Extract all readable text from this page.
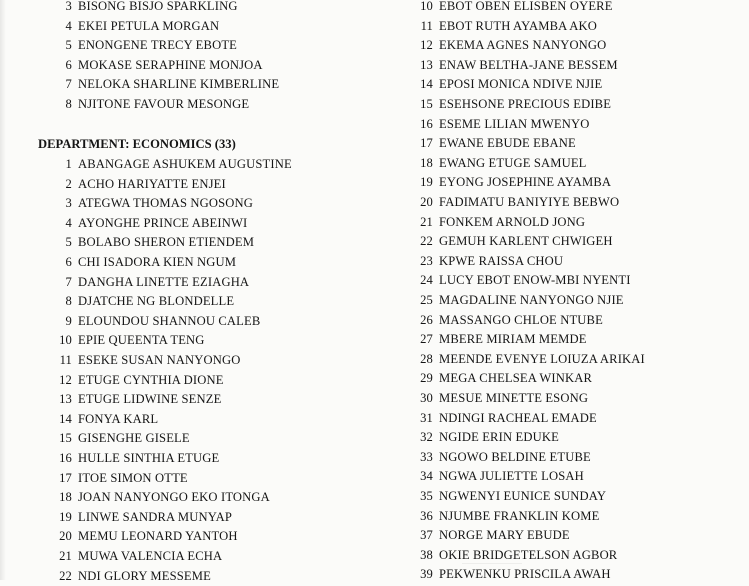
3 BISONG BISJO SPARKLING
4 EKEI PETULA MORGAN
5 ENONGENE TRECY EBOTE
6 MOKASE SERAPHINE MONJOA
7 NELOKA SHARLINE KIMBERLINE
8 NJITONE FAVOUR MESONGE
DEPARTMENT: ECONOMICS (33)
1 ABANGAGE ASHUKEM AUGUSTINE
2 ACHO HARIYATTE ENJEI
3 ATEGWA THOMAS NGOSONG
4 AYONGHE PRINCE ABEINWI
5 BOLABO SHERON ETIENDEM
6 CHI ISADORA KIEN NGUM
7 DANGHA LINETTE EZIAGHA
8 DJATCHE NG BLONDELLE
9 ELOUNDOU SHANNOU CALEB
10 EPIE QUEENTA TENG
11 ESEKE SUSAN NANYONGO
12 ETUGE CYNTHIA DIONE
13 ETUGE LIDWINE SENZE
14 FONYA KARL
15 GISENGHE GISELE
16 HULLE SINTHIA ETUGE
17 ITOE SIMON OTTE
18 JOAN NANYONGO EKO ITONGA
19 LINWE SANDRA MUNYAP
20 MEMU LEONARD YANTOH
21 MUWA VALENCIA ECHA
22 NDI GLORY MESSEME
10 EBOT OBEN ELISBEN OYERE
11 EBOT RUTH AYAMBA AKO
12 EKEMA AGNES NANYONGO
13 ENAW BELTHA-JANE BESSEM
14 EPOSI MONICA NDIVE NJIE
15 ESEHSONE PRECIOUS EDIBE
16 ESEME LILIAN MWENYO
17 EWANE EBUDE EBANE
18 EWANG ETUGE SAMUEL
19 EYONG JOSEPHINE AYAMBA
20 FADIMATU BANIYIYE BEBWO
21 FONKEM ARNOLD JONG
22 GEMUH KARLENT CHWIGEH
23 KPWE RAISSA CHOU
24 LUCY EBOT ENOW-MBI NYENTI
25 MAGDALINE NANYONGO NJIE
26 MASSANGO CHLOE NTUBE
27 MBERE MIRIAM MEMDE
28 MEENDE EVENYE LOIUZA ARIKAI
29 MEGA CHELSEA WINKAR
30 MESUE MINETTE ESONG
31 NDINGI RACHEAL EMADE
32 NGIDE ERIN EDUKE
33 NGOWO BELDINE ETUBE
34 NGWA JULIETTE LOSAH
35 NGWENYI EUNICE SUNDAY
36 NJUMBE FRANKLIN KOME
37 NORGE MARY EBUDE
38 OKIE BRIDGETELSON AGBOR
39 PEKWENKU PRISCILA AWAH
